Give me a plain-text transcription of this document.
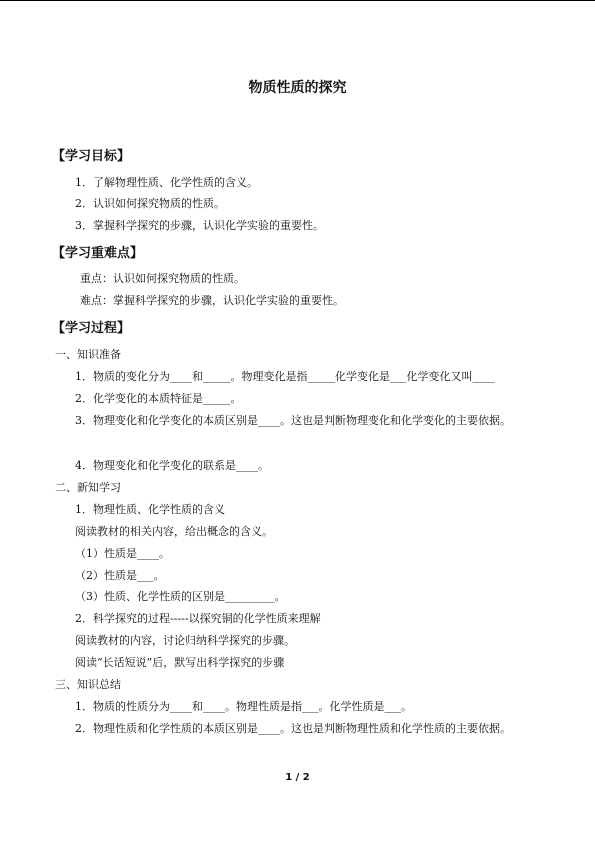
物质性质的探究
【学习目标】
1．了解物理性质、化学性质的含义。
2．认识如何探究物质的性质。
3．掌握科学探究的步骤，认识化学实验的重要性。
【学习重难点】
重点：认识如何探究物质的性质。
难点：掌握科学探究的步骤，认识化学实验的重要性。
【学习过程】
一、知识准备
1．物质的变化分为____和_____。物理变化是指_____化学变化是___化学变化又叫____
2．化学变化的本质特征是_____。
3．物理变化和化学变化的本质区别是____。这也是判断物理变化和化学变化的主要依据。
4．物理变化和化学变化的联系是____。
二、新知学习
1．物理性质、化学性质的含义
阅读教材的相关内容，给出概念的含义。
（1）性质是____。
（2）性质是___。
（3）性质、化学性质的区别是_________。
2．科学探究的过程-----以探究铜的化学性质来理解
阅读教材的内容，讨论归纳科学探究的步骤。
阅读“长话短说”后，默写出科学探究的步骤
三、知识总结
1．物质的性质分为____和____。物理性质是指___。化学性质是___。
2．物理性质和化学性质的本质区别是____。这也是判断物理性质和化学性质的主要依据。
1 / 2
